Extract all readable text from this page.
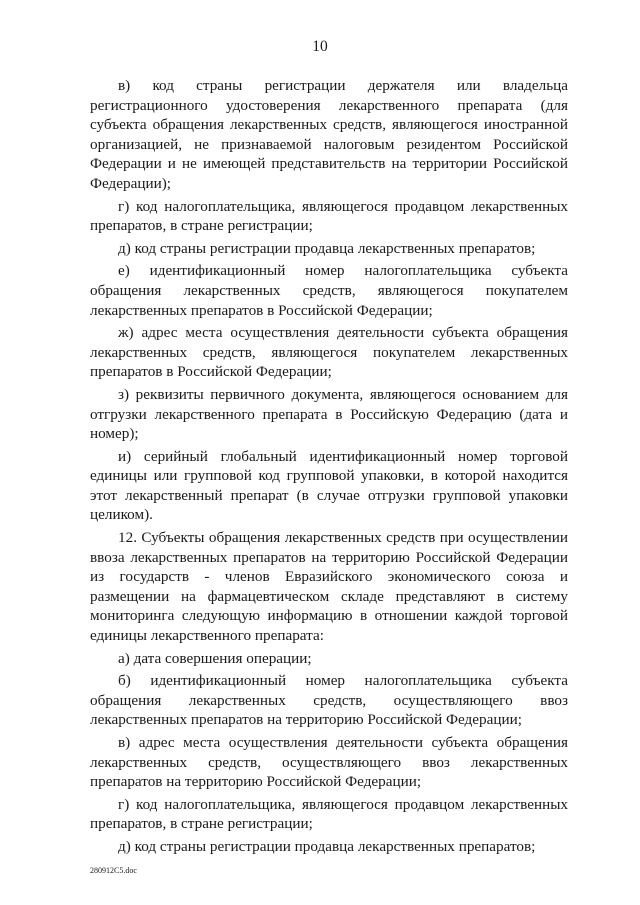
10

в) код страны регистрации держателя или владельца регистрационного удостоверения лекарственного препарата (для субъекта обращения лекарственных средств, являющегося иностранной организацией, не признаваемой налоговым резидентом Российской Федерации и не имеющей представительств на территории Российской Федерации);

г) код налогоплательщика, являющегося продавцом лекарственных препаратов, в стране регистрации;

д) код страны регистрации продавца лекарственных препаратов;

е) идентификационный номер налогоплательщика субъекта обращения лекарственных средств, являющегося покупателем лекарственных препаратов в Российской Федерации;

ж) адрес места осуществления деятельности субъекта обращения лекарственных средств, являющегося покупателем лекарственных препаратов в Российской Федерации;

з) реквизиты первичного документа, являющегося основанием для отгрузки лекарственного препарата в Российскую Федерацию (дата и номер);

и) серийный глобальный идентификационный номер торговой единицы или групповой код групповой упаковки, в которой находится этот лекарственный препарат (в случае отгрузки групповой упаковки целиком).

12. Субъекты обращения лекарственных средств при осуществлении ввоза лекарственных препаратов на территорию Российской Федерации из государств - членов Евразийского экономического союза и размещении на фармацевтическом складе представляют в систему мониторинга следующую информацию в отношении каждой торговой единицы лекарственного препарата:

а) дата совершения операции;

б) идентификационный номер налогоплательщика субъекта обращения лекарственных средств, осуществляющего ввоз лекарственных препаратов на территорию Российской Федерации;

в) адрес места осуществления деятельности субъекта обращения лекарственных средств, осуществляющего ввоз лекарственных препаратов на территорию Российской Федерации;

г) код налогоплательщика, являющегося продавцом лекарственных препаратов, в стране регистрации;

д) код страны регистрации продавца лекарственных препаратов;

280912C5.doc
